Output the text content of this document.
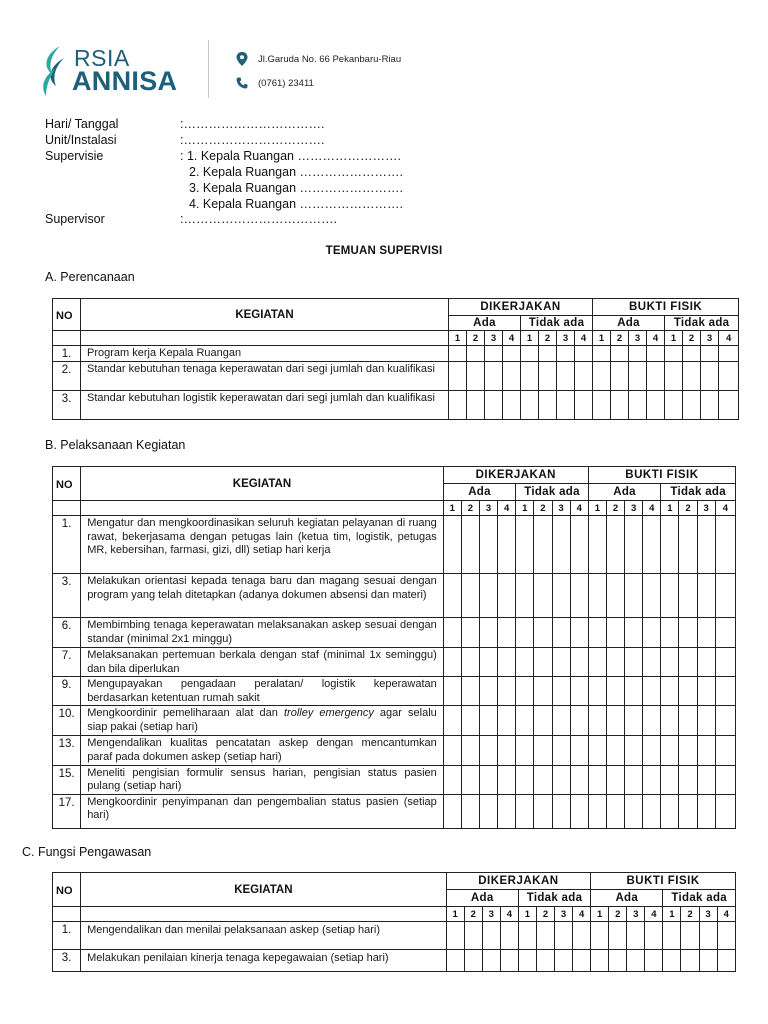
RSIA
ANNISA
Jl.Garuda No. 66 Pekanbaru-Riau
(0761) 23411
Hari/ Tanggal	:…………………………….
Unit/Instalasi	:…………………………….
Supervisie	: 1. Kepala Ruangan …………………….
2. Kepala Ruangan …………………….
3. Kepala Ruangan …………………….
4. Kepala Ruangan …………………….
Supervisor	:……………………………….
TEMUAN SUPERVISI
A. Perencanaan
NO	KEGIATAN	DIKERJAKAN								BUKTI FISIK							
		Ada				Tidak ada				Ada				Tidak ada			
		1	2	3	4	1	2	3	4	1	2	3	4	1	2	3	4
1.	Program kerja Kepala Ruangan																
2.	Standar kebutuhan tenaga keperawatan dari segi jumlah dan kualifikasi																
3.	Standar kebutuhan logistik keperawatan dari segi jumlah dan kualifikasi																
B. Pelaksanaan Kegiatan
NO	KEGIATAN	DIKERJAKAN								BUKTI FISIK							
		Ada				Tidak ada				Ada				Tidak ada			
		1	2	3	4	1	2	3	4	1	2	3	4	1	2	3	4
1.	Mengatur dan mengkoordinasikan seluruh kegiatan pelayanan di ruang rawat, bekerjasama dengan petugas lain (ketua tim, logistik, petugas MR, kebersihan, farmasi, gizi, dll) setiap hari kerja																
3.	Melakukan orientasi kepada tenaga baru dan magang sesuai dengan program yang telah ditetapkan (adanya dokumen absensi dan materi)																
6.	Membimbing tenaga keperawatan melaksanakan askep sesuai dengan standar (minimal 2x1 minggu)																
7.	Melaksanakan pertemuan berkala dengan staf (minimal 1x seminggu) dan bila diperlukan																
9.	Mengupayakan pengadaan peralatan/ logistik keperawatan berdasarkan ketentuan rumah sakit																
10.	Mengkoordinir pemeliharaan alat dan trolley emergency agar selalu siap pakai (setiap hari)																
13.	Mengendalikan kualitas pencatatan askep dengan mencantumkan paraf pada dokumen askep (setiap hari)																
15.	Meneliti pengisian formulir sensus harian, pengisian status pasien pulang (setiap hari)																
17.	Mengkoordinir penyimpanan dan pengembalian status pasien (setiap hari)																
C. Fungsi Pengawasan
NO	KEGIATAN	DIKERJAKAN								BUKTI FISIK							
		Ada				Tidak ada				Ada				Tidak ada			
		1	2	3	4	1	2	3	4	1	2	3	4	1	2	3	4
1.	Mengendalikan dan menilai pelaksanaan askep (setiap hari)																
3.	Melakukan penilaian kinerja tenaga kepegawaian (setiap hari)																
